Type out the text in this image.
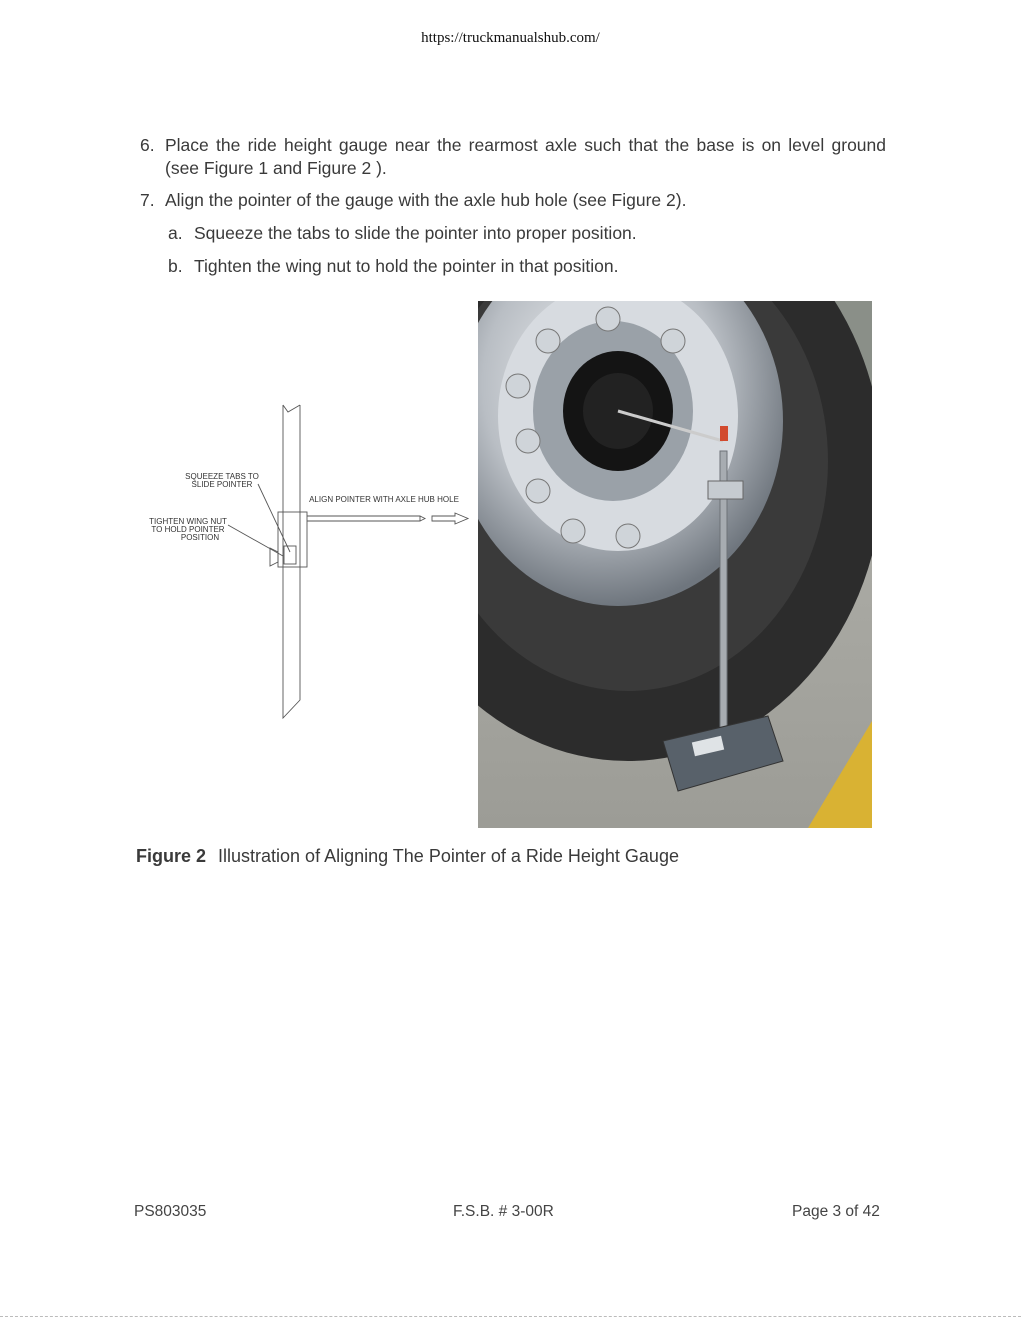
https://truckmanualshub.com/
6. Place the ride height gauge near the rearmost axle such that the base is on level ground (see Figure 1 and Figure 2 ).
7. Align the pointer of the gauge with the axle hub hole (see Figure 2).
a. Squeeze the tabs to slide the pointer into proper position.
b. Tighten the wing nut to hold the pointer in that position.
SQUEEZE TABS TO
SLIDE POINTER
TIGHTEN WING NUT
TO HOLD POINTER
POSITION
ALIGN POINTER WITH AXLE HUB HOLE
Figure 2 Illustration of Aligning The Pointer of a Ride Height Gauge
PS803035	F.S.B. # 3-00R	Page 3 of 42
